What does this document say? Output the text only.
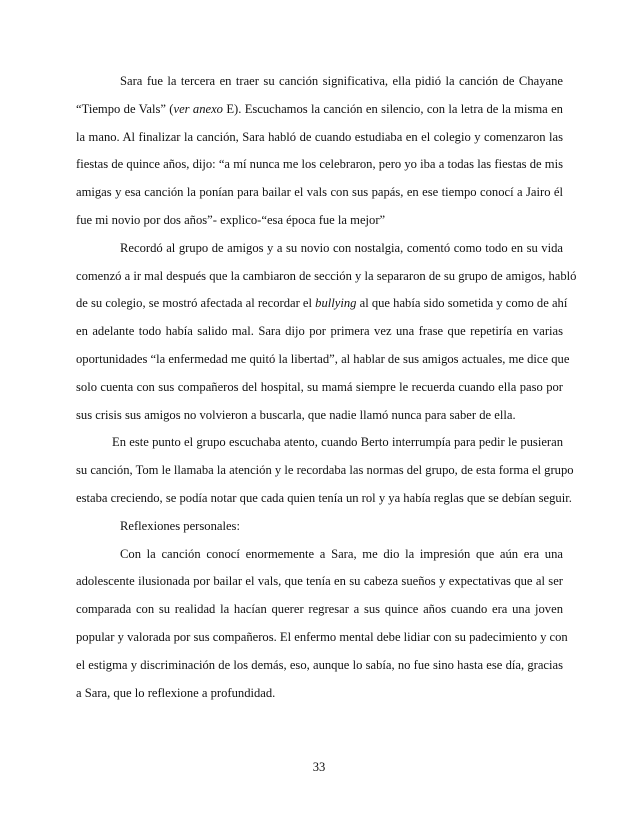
Sara fue la tercera en traer su canción significativa, ella pidió la canción de Chayane
“Tiempo de Vals” (ver anexo E). Escuchamos la canción en silencio, con la letra de la misma en
la mano. Al finalizar la canción, Sara habló de cuando estudiaba en el colegio y comenzaron las
fiestas de quince años, dijo: “a mí nunca me los celebraron, pero yo iba a todas las fiestas de mis
amigas y esa canción la ponían para bailar el vals con sus papás, en ese tiempo conocí a Jairo él
fue mi novio por dos años”- explico-“esa época fue la mejor”
Recordó al grupo de amigos y a su novio con nostalgia, comentó como todo en su vida
comenzó a ir mal después que la cambiaron de sección y la separaron de su grupo de amigos, habló
de su colegio, se mostró afectada al recordar el bullying al que había sido sometida y como de ahí
en adelante todo había salido mal. Sara dijo por primera vez una frase que repetiría en varias
oportunidades “la enfermedad me quitó la libertad”, al hablar de sus amigos actuales, me dice que
solo cuenta con sus compañeros del hospital, su mamá siempre le recuerda cuando ella paso por
sus crisis sus amigos no volvieron a buscarla, que nadie llamó nunca para saber de ella.
En este punto el grupo escuchaba atento, cuando Berto interrumpía para pedir le pusieran
su canción, Tom le llamaba la atención y le recordaba las normas del grupo, de esta forma el grupo
estaba creciendo, se podía notar que cada quien tenía un rol y ya había reglas que se debían seguir.
Reflexiones personales:
Con la canción conocí enormemente a Sara, me dio la impresión que aún era una
adolescente ilusionada por bailar el vals, que tenía en su cabeza sueños y expectativas que al ser
comparada con su realidad la hacían querer regresar a sus quince años cuando era una joven
popular y valorada por sus compañeros. El enfermo mental debe lidiar con su padecimiento y con
el estigma y discriminación de los demás, eso, aunque lo sabía, no fue sino hasta ese día, gracias
a Sara, que lo reflexione a profundidad.
33
